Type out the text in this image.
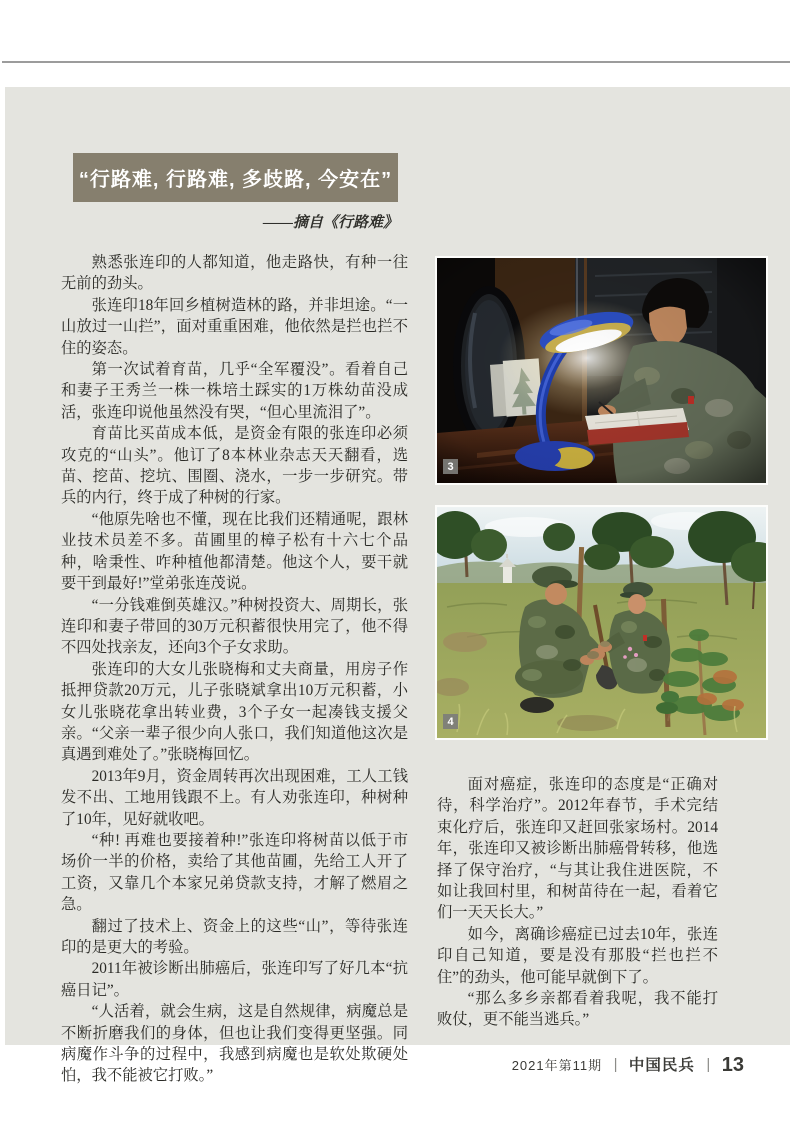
“行路难, 行路难, 多歧路, 今安在”
——摘自《行路难》

熟悉张连印的人都知道，他走路快，有种一往无前的劲头。

张连印18年回乡植树造林的路，并非坦途。“一山放过一山拦”，面对重重困难，他依然是拦也拦不住的姿态。

第一次试着育苗，几乎“全军覆没”。看着自己和妻子王秀兰一株一株培土踩实的1万株幼苗没成活，张连印说他虽然没有哭，“但心里流泪了”。

育苗比买苗成本低，是资金有限的张连印必须攻克的“山头”。他订了8本林业杂志天天翻看，选苗、挖苗、挖坑、围圈、浇水，一步一步研究。带兵的内行，终于成了种树的行家。

“他原先啥也不懂，现在比我们还精通呢，跟林业技术员差不多。苗圃里的樟子松有十六七个品种，啥秉性、咋种植他都清楚。他这个人，要干就要干到最好!”堂弟张连茂说。

“一分钱难倒英雄汉。”种树投资大、周期长，张连印和妻子带回的30万元积蓄很快用完了，他不得不四处找亲友，还向3个子女求助。

张连印的大女儿张晓梅和丈夫商量，用房子作抵押贷款20万元，儿子张晓斌拿出10万元积蓄，小女儿张晓花拿出转业费，3个子女一起凑钱支援父亲。“父亲一辈子很少向人张口，我们知道他这次是真遇到难处了。”张晓梅回忆。

2013年9月，资金周转再次出现困难，工人工钱发不出、工地用钱跟不上。有人劝张连印，种树种了10年，见好就收吧。

“种! 再难也要接着种!”张连印将树苗以低于市场价一半的价格，卖给了其他苗圃，先给工人开了工资，又靠几个本家兄弟贷款支持，才解了燃眉之急。

翻过了技术上、资金上的这些“山”，等待张连印的是更大的考验。

2011年被诊断出肺癌后，张连印写了好几本“抗癌日记”。

“人活着，就会生病，这是自然规律，病魔总是不断折磨我们的身体，但也让我们变得更坚强。同病魔作斗争的过程中，我感到病魔也是软处欺硬处怕，我不能被它打败。”

3
4

面对癌症，张连印的态度是“正确对待，科学治疗”。2012年春节，手术完结束化疗后，张连印又赶回张家场村。2014年，张连印又被诊断出肺癌骨转移，他选择了保守治疗，“与其让我住进医院，不如让我回村里，和树苗待在一起，看着它们一天天长大。”

如今，离确诊癌症已过去10年，张连印自己知道，要是没有那股“拦也拦不住”的劲头，他可能早就倒下了。

“那么多乡亲都看着我呢，我不能打败仗，更不能当逃兵。”

2021年第11期 | 中国民兵 | 13
